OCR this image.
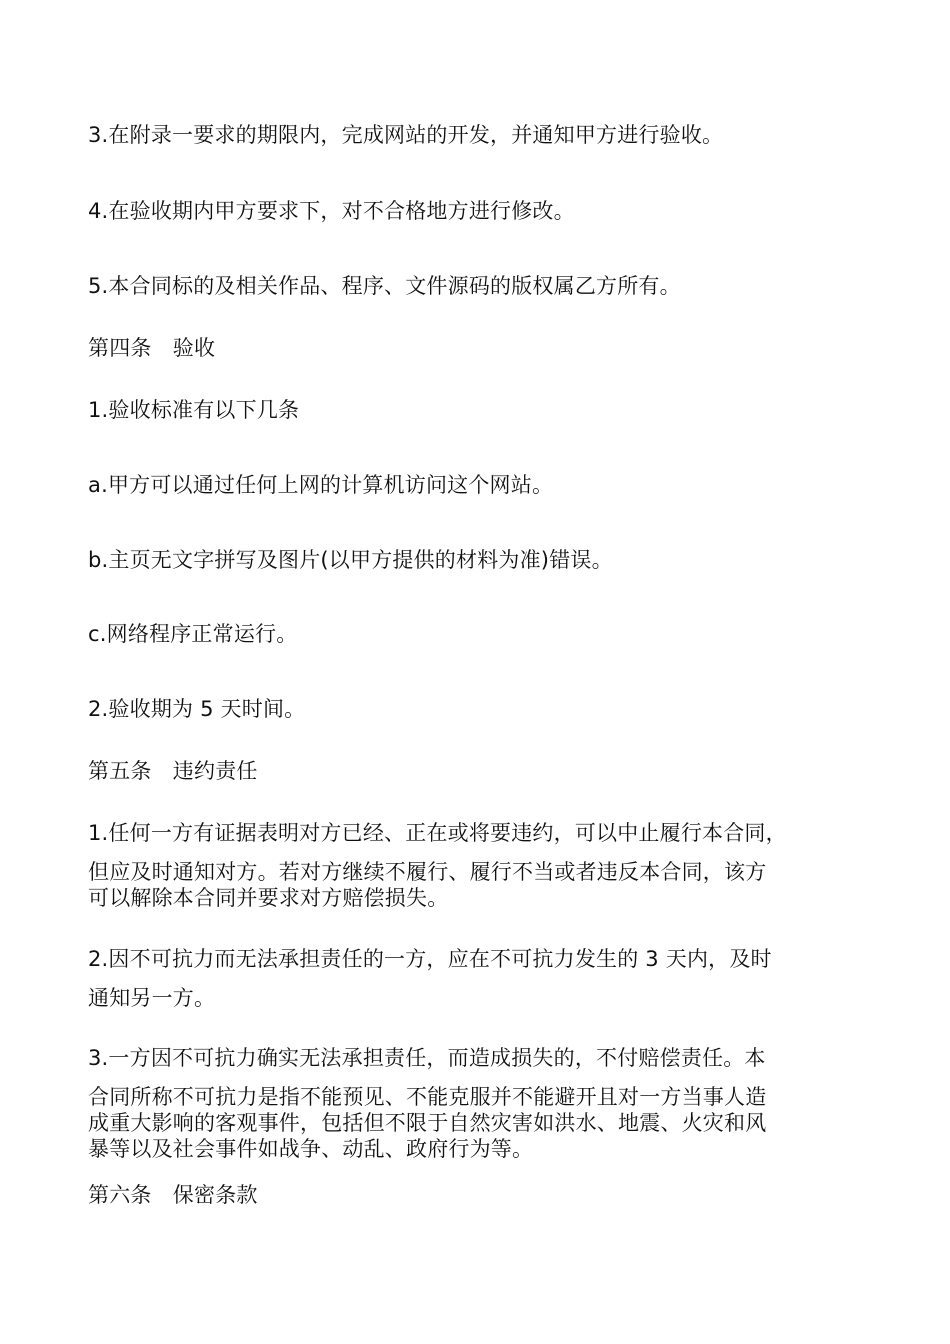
3.在附录一要求的期限内，完成网站的开发，并通知甲方进行验收。

4.在验收期内甲方要求下，对不合格地方进行修改。

5.本合同标的及相关作品、程序、文件源码的版权属乙方所有。

第四条　验收

1.验收标准有以下几条

a.甲方可以通过任何上网的计算机访问这个网站。

b.主页无文字拼写及图片(以甲方提供的材料为准)错误。

c.网络程序正常运行。

2.验收期为 5 天时间。

第五条　违约责任

1.任何一方有证据表明对方已经、正在或将要违约，可以中止履行本合同，

但应及时通知对方。若对方继续不履行、履行不当或者违反本合同，该方

可以解除本合同并要求对方赔偿损失。

2.因不可抗力而无法承担责任的一方，应在不可抗力发生的 3 天内，及时

通知另一方。

3.一方因不可抗力确实无法承担责任，而造成损失的，不付赔偿责任。本

合同所称不可抗力是指不能预见、不能克服并不能避开且对一方当事人造

成重大影响的客观事件，包括但不限于自然灾害如洪水、地震、火灾和风

暴等以及社会事件如战争、动乱、政府行为等。

第六条　保密条款
